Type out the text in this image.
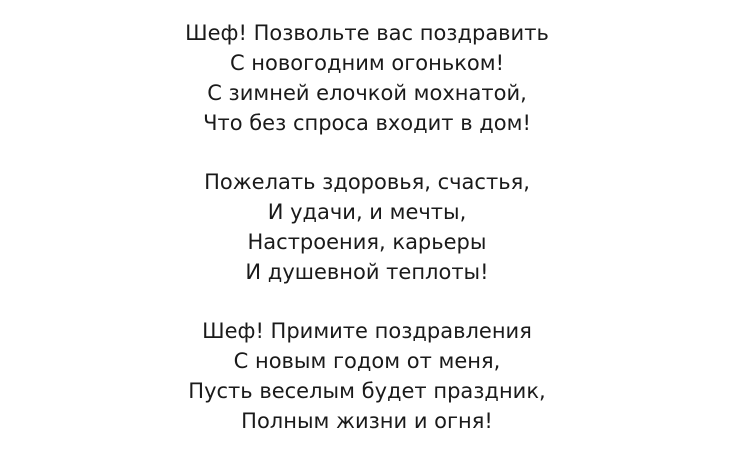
Шеф! Позвольте вас поздравить
С новогодним огоньком!
С зимней елочкой мохнатой,
Что без спроса входит в дом!
Пожелать здоровья, счастья,
И удачи, и мечты,
Настроения, карьеры
И душевной теплоты!
Шеф! Примите поздравления
С новым годом от меня,
Пусть веселым будет праздник,
Полным жизни и огня!
